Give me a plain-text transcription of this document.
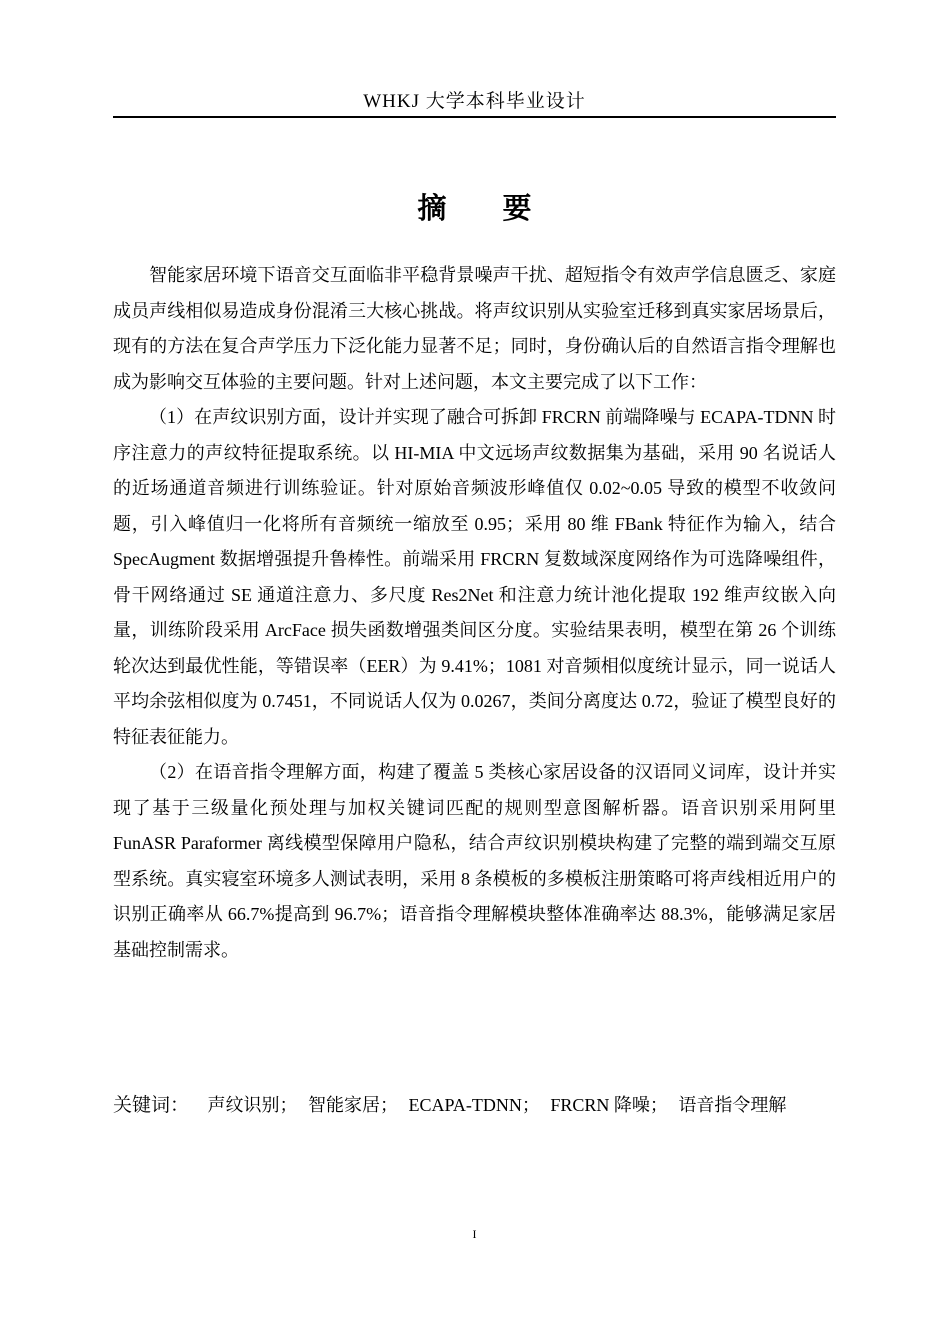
WHKJ 大学本科毕业设计
摘 要

智能家居环境下语音交互面临非平稳背景噪声干扰、超短指令有效声学信息匮乏、家庭成员声线相似易造成身份混淆三大核心挑战。将声纹识别从实验室迁移到真实家居场景后，现有的方法在复合声学压力下泛化能力显著不足；同时，身份确认后的自然语言指令理解也成为影响交互体验的主要问题。针对上述问题，本文主要完成了以下工作：

（1）在声纹识别方面，设计并实现了融合可拆卸 FRCRN 前端降噪与 ECAPA-TDNN 时序注意力的声纹特征提取系统。以 HI-MIA 中文远场声纹数据集为基础，采用 90 名说话人的近场通道音频进行训练验证。针对原始音频波形峰值仅 0.02~0.05 导致的模型不收敛问题，引入峰值归一化将所有音频统一缩放至 0.95；采用 80 维 FBank 特征作为输入，结合 SpecAugment 数据增强提升鲁棒性。前端采用 FRCRN 复数域深度网络作为可选降噪组件，骨干网络通过 SE 通道注意力、多尺度 Res2Net 和注意力统计池化提取 192 维声纹嵌入向量，训练阶段采用 ArcFace 损失函数增强类间区分度。实验结果表明，模型在第 26 个训练轮次达到最优性能，等错误率（EER）为 9.41%；1081 对音频相似度统计显示，同一说话人平均余弦相似度为 0.7451，不同说话人仅为 0.0267，类间分离度达 0.72，验证了模型良好的特征表征能力。

（2）在语音指令理解方面，构建了覆盖 5 类核心家居设备的汉语同义词库，设计并实现了基于三级量化预处理与加权关键词匹配的规则型意图解析器。语音识别采用阿里 FunASR Paraformer 离线模型保障用户隐私，结合声纹识别模块构建了完整的端到端交互原型系统。真实寝室环境多人测试表明，采用 8 条模板的多模板注册策略可将声线相近用户的识别正确率从 66.7%提高到 96.7%；语音指令理解模块整体准确率达 88.3%，能够满足家居基础控制需求。

关键词： 声纹识别； 智能家居； ECAPA-TDNN； FRCRN 降噪； 语音指令理解
I
